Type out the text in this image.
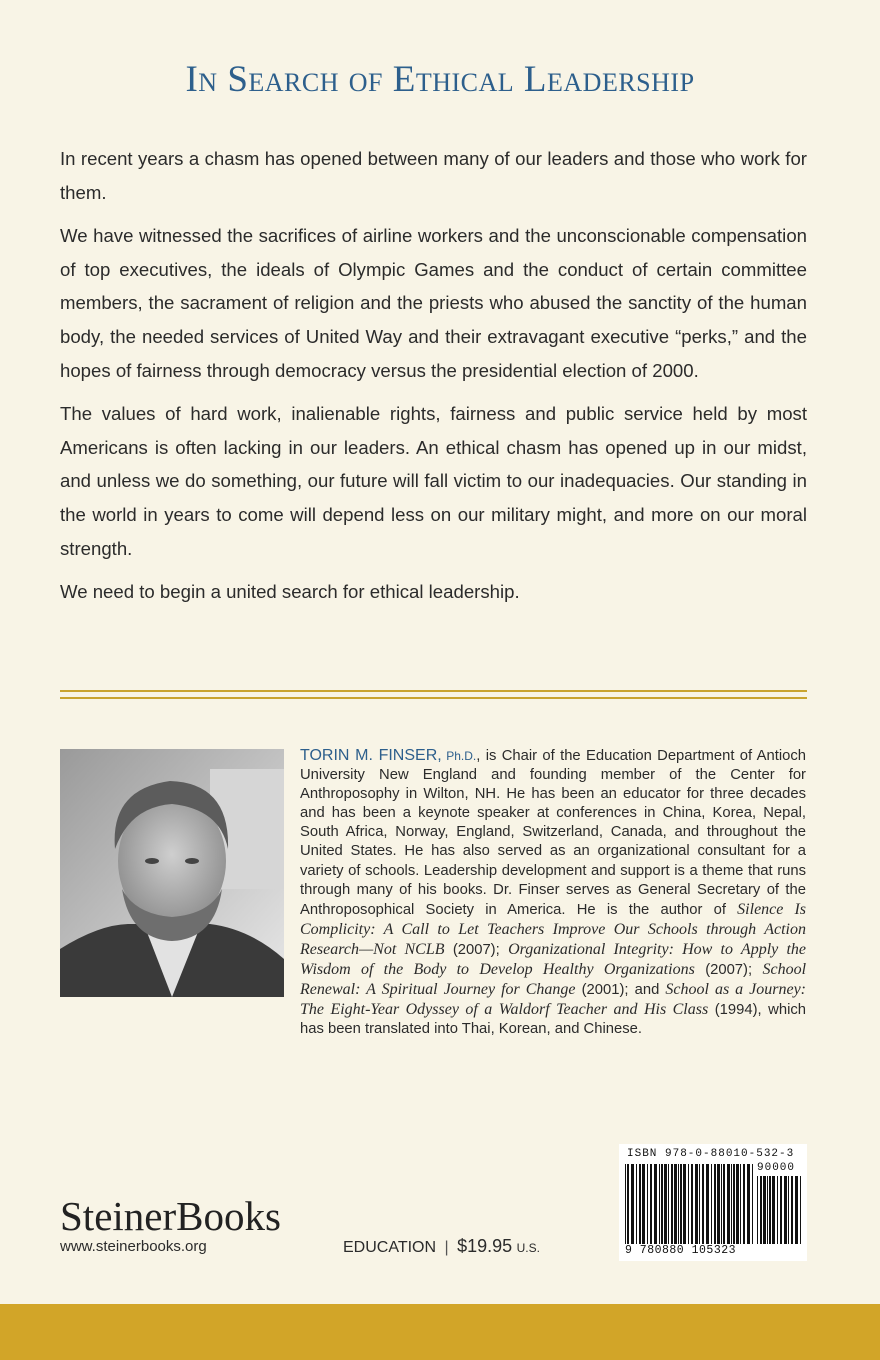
In Search of Ethical Leadership

In recent years a chasm has opened between many of our leaders and those who work for them.

We have witnessed the sacrifices of airline workers and the unconscionable compensation of top executives, the ideals of Olympic Games and the conduct of certain committee members, the sacrament of religion and the priests who abused the sanctity of the human body, the needed services of United Way and their extravagant executive “perks,” and the hopes of fairness through democracy versus the presidential election of 2000.

The values of hard work, inalienable rights, fairness and public service held by most Americans is often lacking in our leaders. An ethical chasm has opened up in our midst, and unless we do something, our future will fall victim to our inadequacies. Our standing in the world in years to come will depend less on our military might, and more on our moral strength.

We need to begin a united search for ethical leadership.

TORIN M. FINSER, Ph.D., is Chair of the Education Department of Antioch University New England and founding member of the Center for Anthroposophy in Wilton, NH. He has been an educator for three decades and has been a keynote speaker at conferences in China, Korea, Nepal, South Africa, Norway, England, Switzerland, Canada, and throughout the United States. He has also served as an organizational consultant for a variety of schools. Leadership development and support is a theme that runs through many of his books. Dr. Finser serves as General Secretary of the Anthroposophical Society in America. He is the author of Silence Is Complicity: A Call to Let Teachers Improve Our Schools through Action Research—Not NCLB (2007); Organizational Integrity: How to Apply the Wisdom of the Body to Develop Healthy Organizations (2007); School Renewal: A Spiritual Journey for Change (2001); and School as a Journey: The Eight-Year Odyssey of a Waldorf Teacher and His Class (1994), which has been translated into Thai, Korean, and Chinese.

SteinerBooks
www.steinerbooks.org	EDUCATION | $19.95 U.S.
ISBN 978-0-88010-532-3
90000
9 780880 105323
